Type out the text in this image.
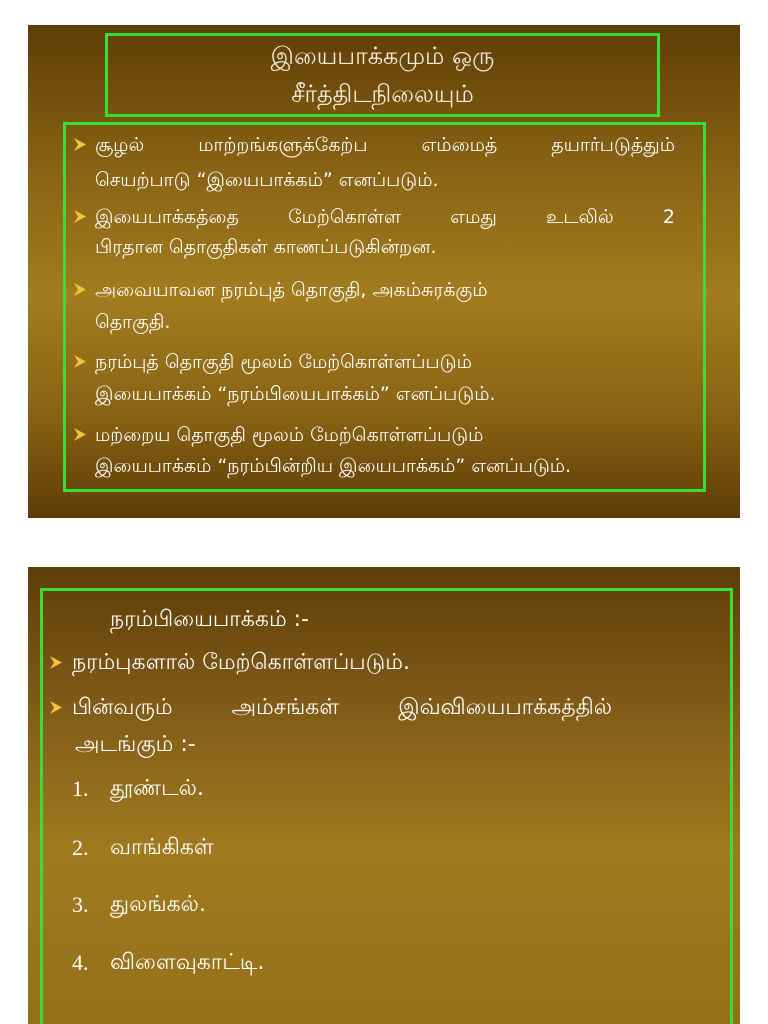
இயைபாக்கமும் ஒரு
சீர்த்திடநிலையும்
சூழல் மாற்றங்களுக்கேற்ப எம்மைத் தயார்படுத்தும்
செயற்பாடு “இயைபாக்கம்” எனப்படும்.
இயைபாக்கத்தை மேற்கொள்ள எமது உடலில் 2
பிரதான தொகுதிகள் காணப்படுகின்றன.
அவையாவன நரம்புத் தொகுதி, அகம்சுரக்கும்
தொகுதி.
நரம்புத் தொகுதி மூலம் மேற்கொள்ளப்படும்
இயைபாக்கம் “நரம்பியைபாக்கம்” எனப்படும்.
மற்றைய தொகுதி மூலம் மேற்கொள்ளப்படும்
இயைபாக்கம் “நரம்பின்றிய இயைபாக்கம்” எனப்படும்.
நரம்பியைபாக்கம் :-
நரம்புகளால் மேற்கொள்ளப்படும்.
பின்வரும் அம்சங்கள் இவ்வியைபாக்கத்தில்
அடங்கும் :-
1. தூண்டல்.
2. வாங்கிகள்
3. துலங்கல்.
4. விளைவுகாட்டி.
